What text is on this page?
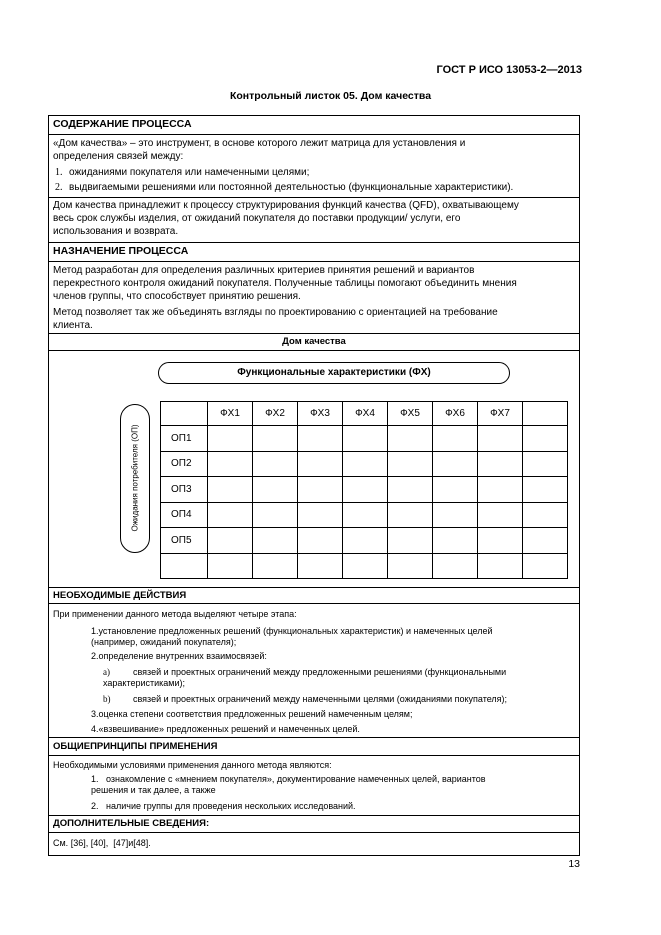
ГОСТ Р ИСО 13053-2—2013
Контрольный листок 05. Дом качества
СОДЕРЖАНИЕ ПРОЦЕССА
«Дом качества» – это инструмент, в основе которого лежит матрица для установления и
определения связей между:
1. ожиданиями покупателя или намеченными целями;
2. выдвигаемыми решениями или постоянной деятельностью (функциональные характеристики).
Дом качества принадлежит к процессу структурирования функций качества (QFD), охватывающему
весь срок службы изделия, от ожиданий покупателя до поставки продукции/ услуги, его
использования и возврата.
НАЗНАЧЕНИЕ ПРОЦЕССА
Метод разработан для определения различных критериев принятия решений и вариантов
перекрестного контроля ожиданий покупателя. Полученные таблицы помогают объединить мнения
членов группы, что способствует принятию решения.
Метод позволяет так же объединять взгляды по проектированию с ориентацией на требование
клиента.
Дом качества
Функциональные характеристики (ФХ)
Ожидания потребителя (ОП)
	ФХ1	ФХ2	ФХ3	ФХ4	ФХ5	ФХ6	ФХ7	
ОП1								
ОП2								
ОП3								
ОП4								
ОП5								

НЕОБХОДИМЫЕ ДЕЙСТВИЯ
При применении данного метода выделяют четыре этапа:
1.установление предложенных решений (функциональных характеристик) и намеченных целей
(например, ожиданий покупателя);
2.определение внутренних взаимосвязей:
a)	связей и проектных ограничений между предложенными решениями (функциональными
характеристиками);
b)	связей и проектных ограничений между намеченными целями (ожиданиями покупателя);
3.оценка степени соответствия предложенных решений намеченным целям;
4.«взвешивание» предложенных решений и намеченных целей.
ОБЩИЕПРИНЦИПЫ ПРИМЕНЕНИЯ
Необходимыми условиями применения данного метода являются:
1.   ознакомление с «мнением покупателя», документирование намеченных целей, вариантов
решения и так далее, а также
2.   наличие группы для проведения нескольких исследований.
ДОПОЛНИТЕЛЬНЫЕ СВЕДЕНИЯ:
См. [36], [40],  [47]и[48].
13
